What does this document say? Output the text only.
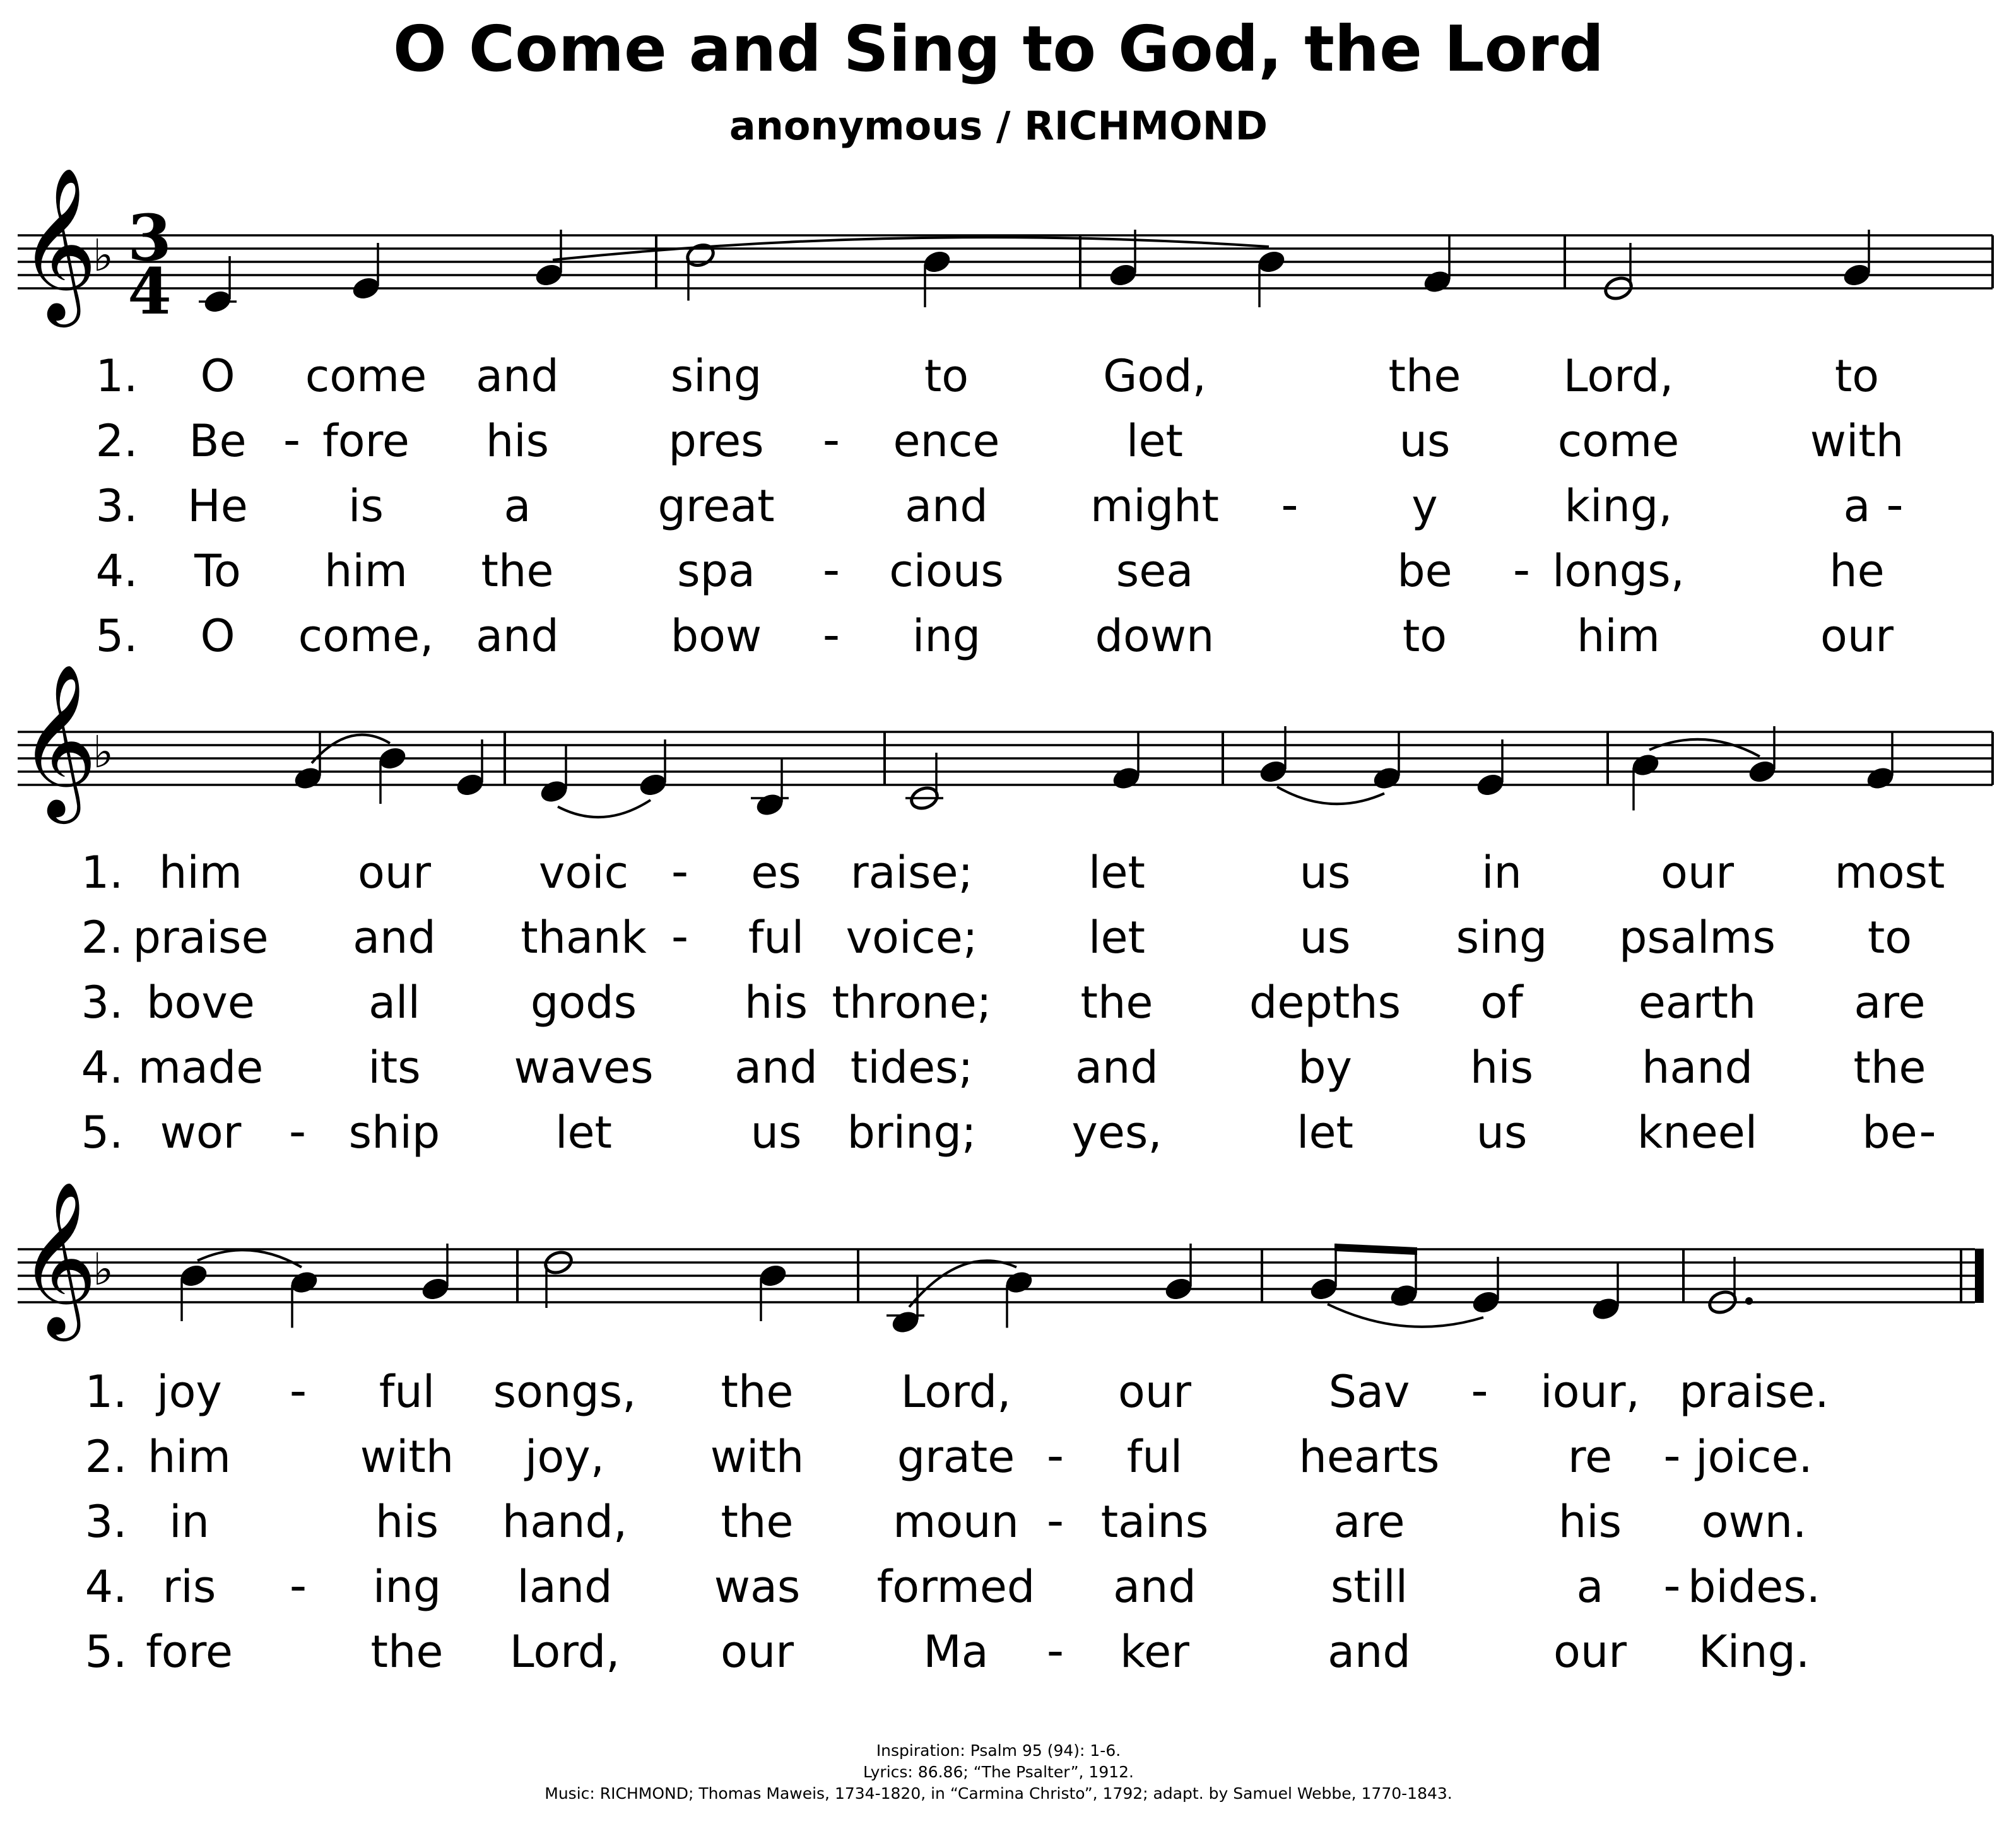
O Come and Sing to God, the Lord
anonymous / RICHMOND
3
4
𝄞
♭
1. O come and	sing	to	God,	the Lord,	to
2. Be fore his	pres	ence	let	us come	with
3. He is	a	great	and might	y	king,	a
4. To him the	spa	cious	sea	be longs,	he
5. O come, and	bow	ing	down	to	him	our
𝄞
♭
1. him	our voic	es raise;	let	us	in	our most
2. praise and thank ful voice;	let	us sing psalms to
3. bove	all	gods his throne; the depths of	earth are
4. made its waves and tides; and	by	his hand the
5. wor ship	let	us bring; yes,	let	us kneel be
𝄞
♭
1. joy	ful songs, the Lord, our	Sav	iour, praise.
2. him	with joy, with grate	ful	hearts	re joice.
3. in	his hand, the moun tains	are	his own.
4. ris	ing land was formed and	still	a bides.
5. fore	the Lord, our	Ma	ker	and	our King.
Inspiration: Psalm 95 (94): 1-6.
Lyrics: 86.86; “The Psalter”, 1912.
Music: RICHMOND; Thomas Maweis, 1734-1820, in “Carmina Christo”, 1792; adapt. by Samuel Webbe, 1770-1843.
